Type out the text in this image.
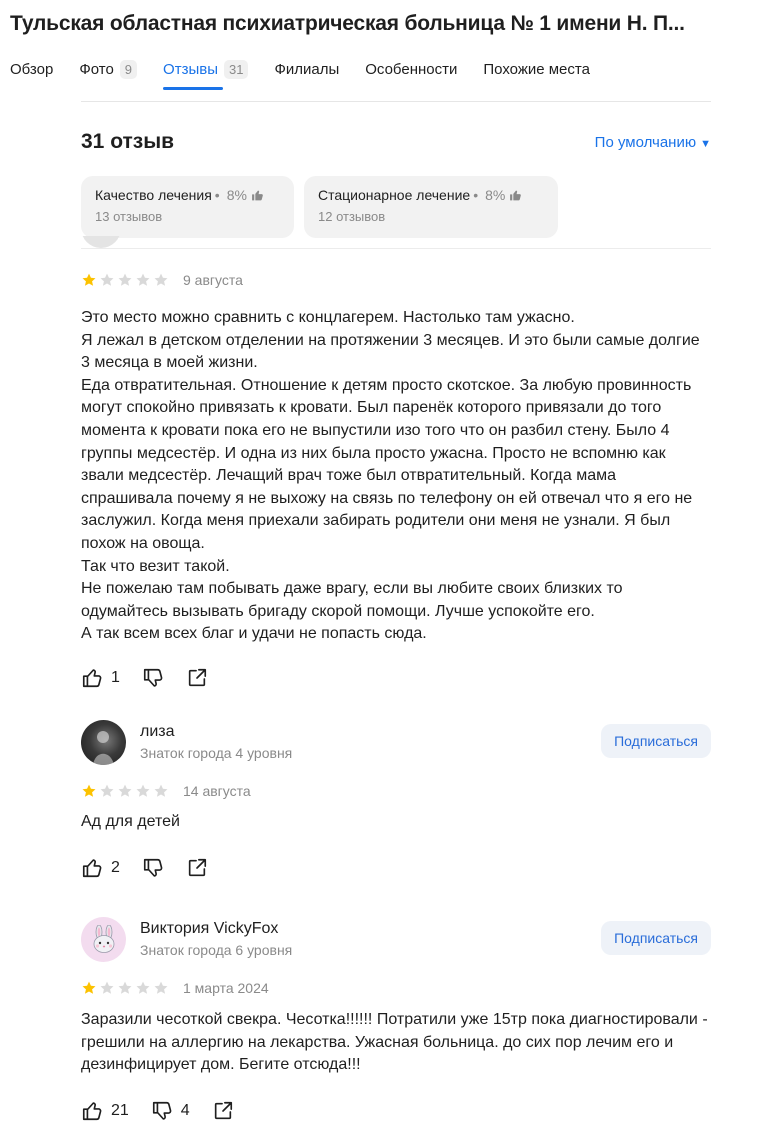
Тульская областная психиатрическая больница № 1 имени Н. П...
Обзор Фото 9	Отзывы 31	Филиалы Особенности Похожие места
31 отзыв	По умолчанию ▼
Качество лечения • 8%
13 отзывов
Стационарное лечение • 8%
12 отзывов
9 августа
Это место можно сравнить с концлагерем. Настолько там ужасно.
Я лежал в детском отделении на протяжении 3 месяцев. И это были самые долгие 3 месяца в моей жизни.
Еда отвратительная. Отношение к детям просто скотское. За любую провинность могут спокойно привязать к кровати. Был паренёк которого привязали до того момента к кровати пока его не выпустили изо того что он разбил стену. Было 4 группы медсестёр. И одна из них была просто ужасна. Просто не вспомню как звали медсестёр. Лечащий врач тоже был отвратительный. Когда мама спрашивала почему я не выхожу на связь по телефону он ей отвечал что я его не заслужил. Когда меня приехали забирать родители они меня не узнали. Я был похож на овоща.
Так что везит такой.
Не пожелаю там побывать даже врагу, если вы любите своих близких то одумайтесь вызывать бригаду скорой помощи. Лучше успокойте его.
А так всем всех благ и удачи не попасть сюда.
1
лиза
Знаток города 4 уровня
Подписаться
14 августа
Ад для детей
2
Виктория VickyFox
Знаток города 6 уровня
Подписаться
1 марта 2024
Заразили чесоткой свекра. Чесотка!!!!!! Потратили уже 15тр пока диагностировали - грешили на аллергию на лекарства. Ужасная больница. до сих пор лечим его и дезинфицирует дом. Бегите отсюда!!!
21	4
